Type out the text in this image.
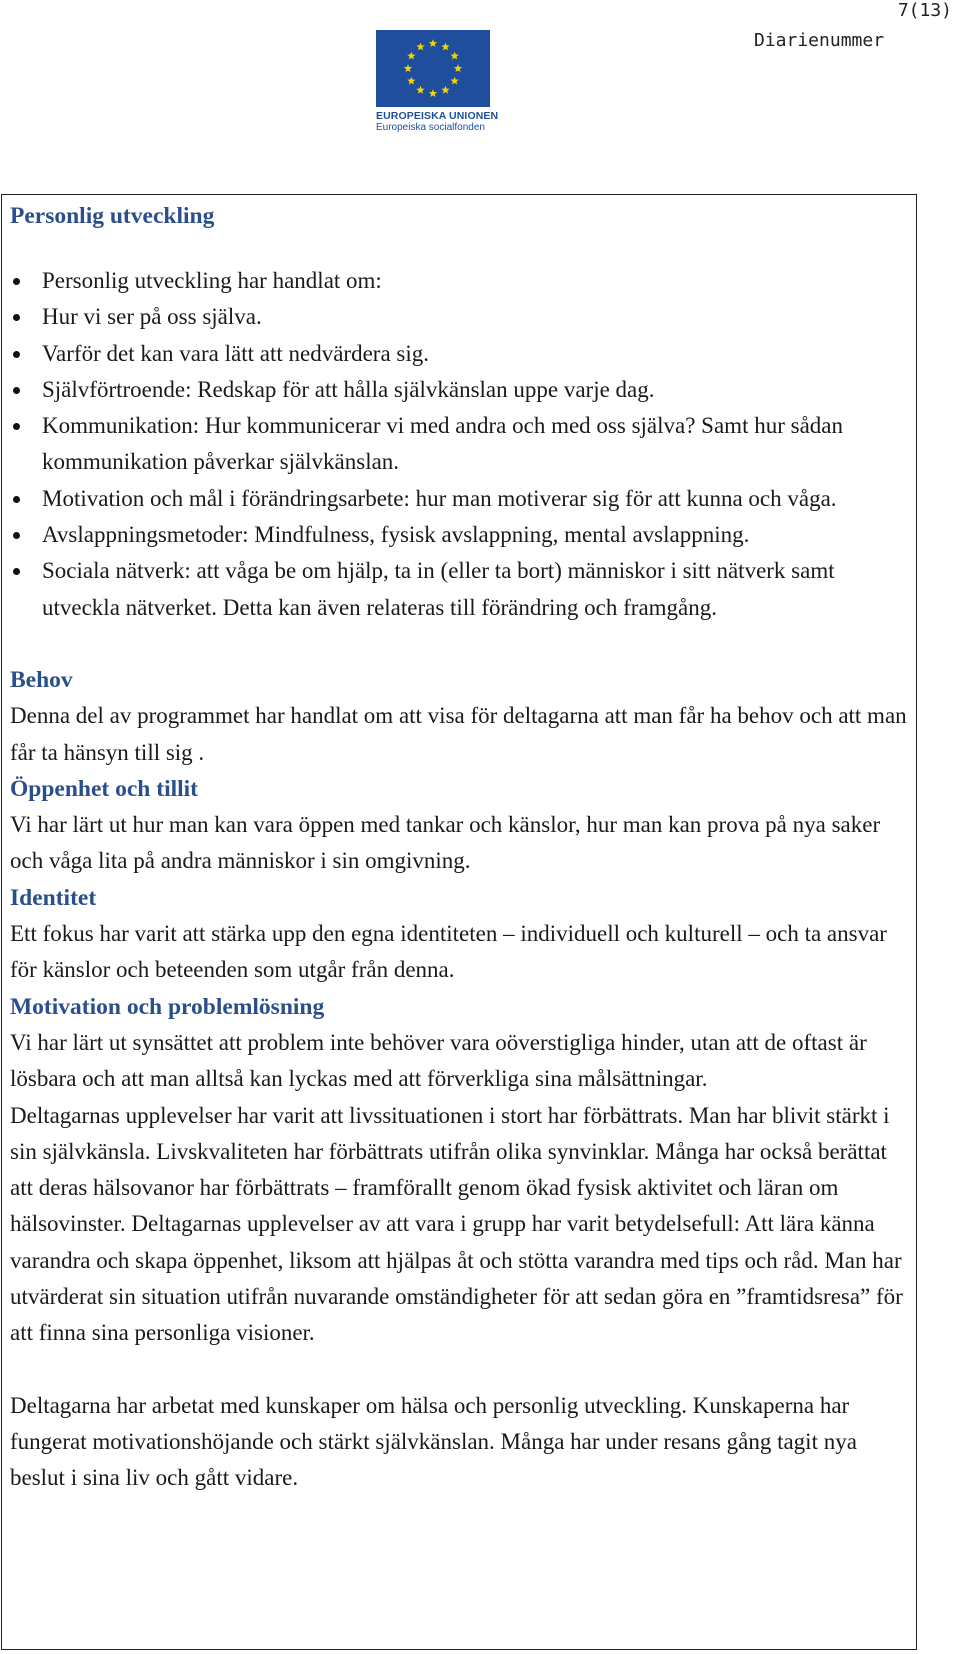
7(13)
Diarienummer
EUROPEISKA UNIONEN
Europeiska socialfonden
Personlig utveckling
Personlig utveckling har handlat om:
Hur vi ser på oss själva.
Varför det kan vara lätt att nedvärdera sig.
Självförtroende: Redskap för att hålla självkänslan uppe varje dag.
Kommunikation: Hur kommunicerar vi med andra och med oss själva? Samt hur sådan kommunikation påverkar självkänslan.
Motivation och mål i förändringsarbete: hur man motiverar sig för att kunna och våga.
Avslappningsmetoder: Mindfulness, fysisk avslappning, mental avslappning.
Sociala nätverk: att våga be om hjälp, ta in (eller ta bort) människor i sitt nätverk samt utveckla nätverket. Detta kan även relateras till förändring och framgång.
Behov

Denna del av programmet har handlat om att visa för deltagarna att man får ha behov och att man får ta hänsyn till sig .

Öppenhet och tillit

Vi har lärt ut hur man kan vara öppen med tankar och känslor, hur man kan prova på nya saker och våga lita på andra människor i sin omgivning.

Identitet

Ett fokus har varit att stärka upp den egna identiteten – individuell och kulturell – och ta ansvar för känslor och beteenden som utgår från denna.

Motivation och problemlösning

Vi har lärt ut synsättet att problem inte behöver vara oöverstigliga hinder, utan att de oftast är lösbara och att man alltså kan lyckas med att förverkliga sina målsättningar.

Deltagarnas upplevelser har varit att livssituationen i stort har förbättrats. Man har blivit stärkt i sin självkänsla. Livskvaliteten har förbättrats utifrån olika synvinklar. Många har också berättat att deras hälsovanor har förbättrats – framförallt genom ökad fysisk aktivitet och läran om hälsovinster. Deltagarnas upplevelser av att vara i grupp har varit betydelsefull: Att lära känna varandra och skapa öppenhet, liksom att hjälpas åt och stötta varandra med tips och råd. Man har utvärderat sin situation utifrån nuvarande omständigheter för att sedan göra en ”framtidsresa” för att finna sina personliga visioner.

Deltagarna har arbetat med kunskaper om hälsa och personlig utveckling. Kunskaperna har fungerat motivationshöjande och stärkt självkänslan. Många har under resans gång tagit nya beslut i sina liv och gått vidare.
